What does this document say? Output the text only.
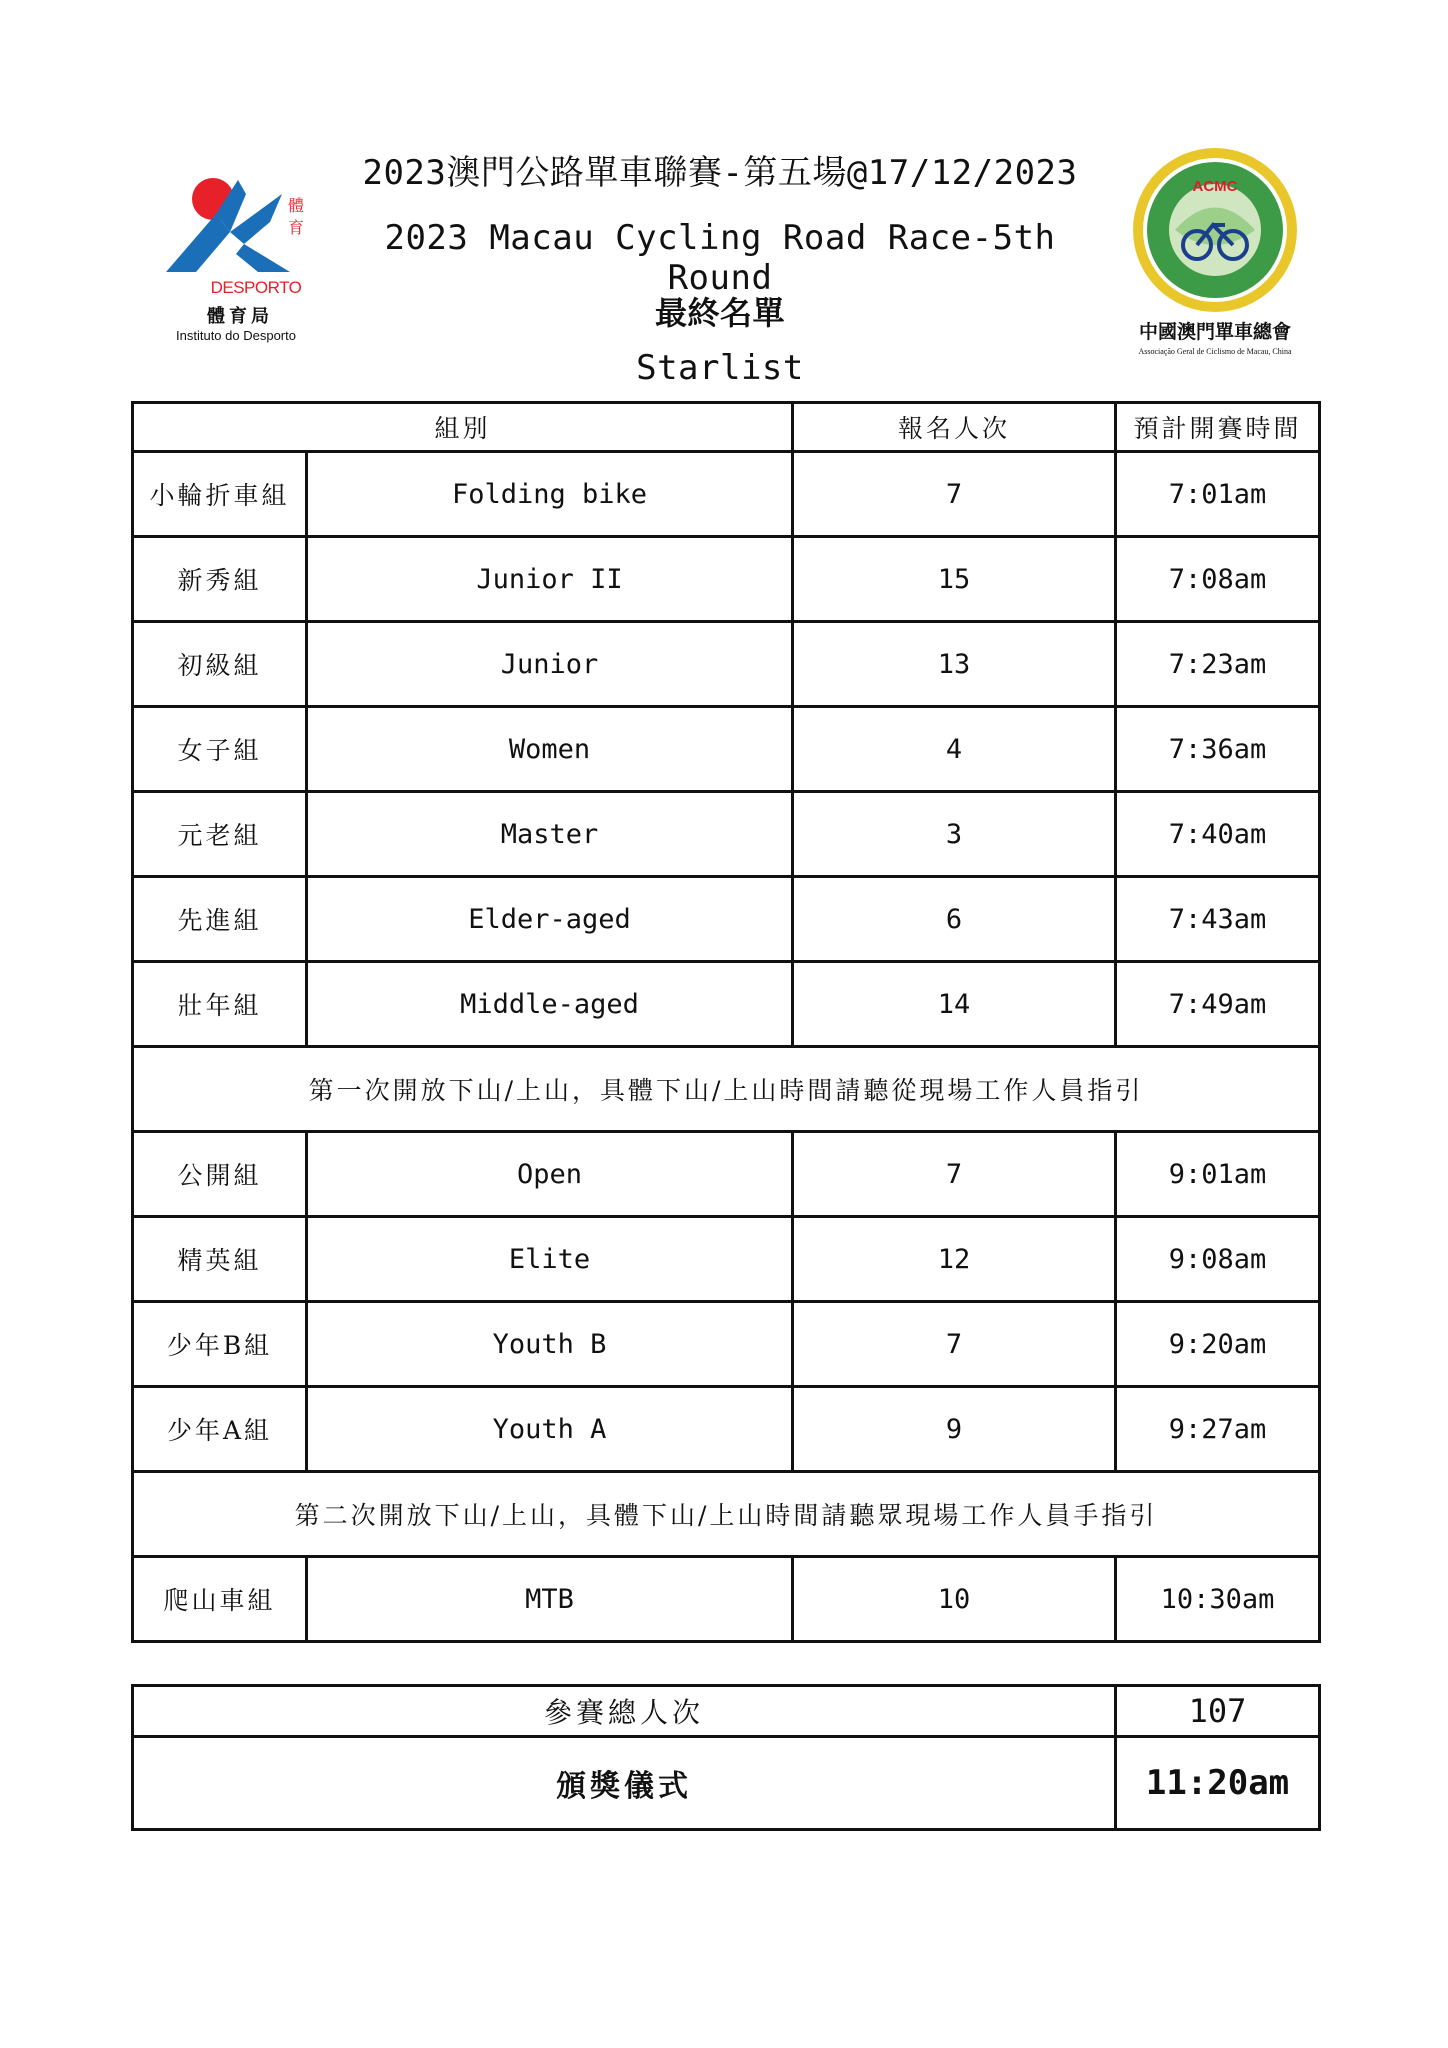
體育
DESPORTO
體育局
Instituto do Desporto
2023澳門公路單車聯賽-第五場@17/12/2023
2023 Macau Cycling Road Race-5th Round
最終名單
Starlist
ACMC
中國澳門單車總會
Associação Geral de Ciclismo de Macau, China
組別		報名人次	預計開賽時間
小輪折車組	Folding bike	7	7:01am
新秀組	Junior II	15	7:08am
初級組	Junior	13	7:23am
女子組	Women	4	7:36am
元老組	Master	3	7:40am
先進組	Elder-aged	6	7:43am
壯年組	Middle-aged	14	7:49am
第一次開放下山/上山，具體下山/上山時間請聽從現場工作人員指引			
公開組	Open	7	9:01am
精英組	Elite	12	9:08am
少年B組	Youth B	7	9:20am
少年A組	Youth A	9	9:27am
第二次開放下山/上山，具體下山/上山時間請聽眾現場工作人員手指引			
爬山車組	MTB	10	10:30am
參賽總人次	107
頒獎儀式	11:20am
